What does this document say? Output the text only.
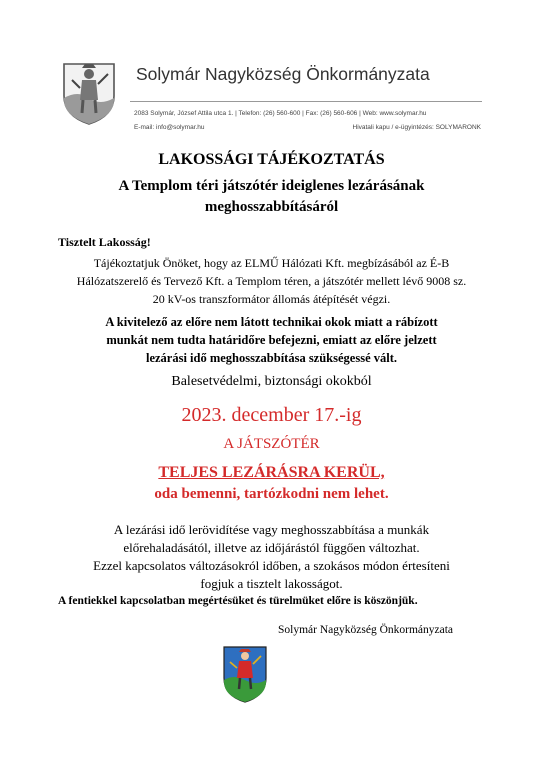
Solymár Nagyközség Önkormányzata
2083 Solymár, József Attila utca 1. | Telefon: (26) 560-600 | Fax: (26) 560-606 | Web: www.solymar.hu
E-mail: info@solymar.hu	Hivatali kapu / e-ügyintézés: SOLYMARONK
LAKOSSÁGI TÁJÉKOZTATÁS
A Templom téri játszótér ideiglenes lezárásának
meghosszabbításáról
Tisztelt Lakosság!
Tájékoztatjuk Önöket, hogy az ELMŰ Hálózati Kft. megbízásából az É-B
Hálózatszerelő és Tervező Kft. a Templom téren, a játszótér mellett lévő 9008 sz.
20 kV-os transzformátor állomás átépítését végzi.
A kivitelező az előre nem látott technikai okok miatt a rábízott
munkát nem tudta határidőre befejezni, emiatt az előre jelzett
lezárási idő meghosszabbítása szükségessé vált.
Balesetvédelmi, biztonsági okokból
2023. december 17.-ig
A JÁTSZÓTÉR
TELJES LEZÁRÁSRA KERÜL,
oda bemenni, tartózkodni nem lehet.
A lezárási idő lerövidítése vagy meghosszabbítása a munkák
előrehaladásától, illetve az időjárástól függően változhat.
Ezzel kapcsolatos változásokról időben, a szokásos módon értesíteni
fogjuk a tisztelt lakosságot.
A fentiekkel kapcsolatban megértésüket és türelmüket előre is köszönjük.
Solymár Nagyközség Önkormányzata
